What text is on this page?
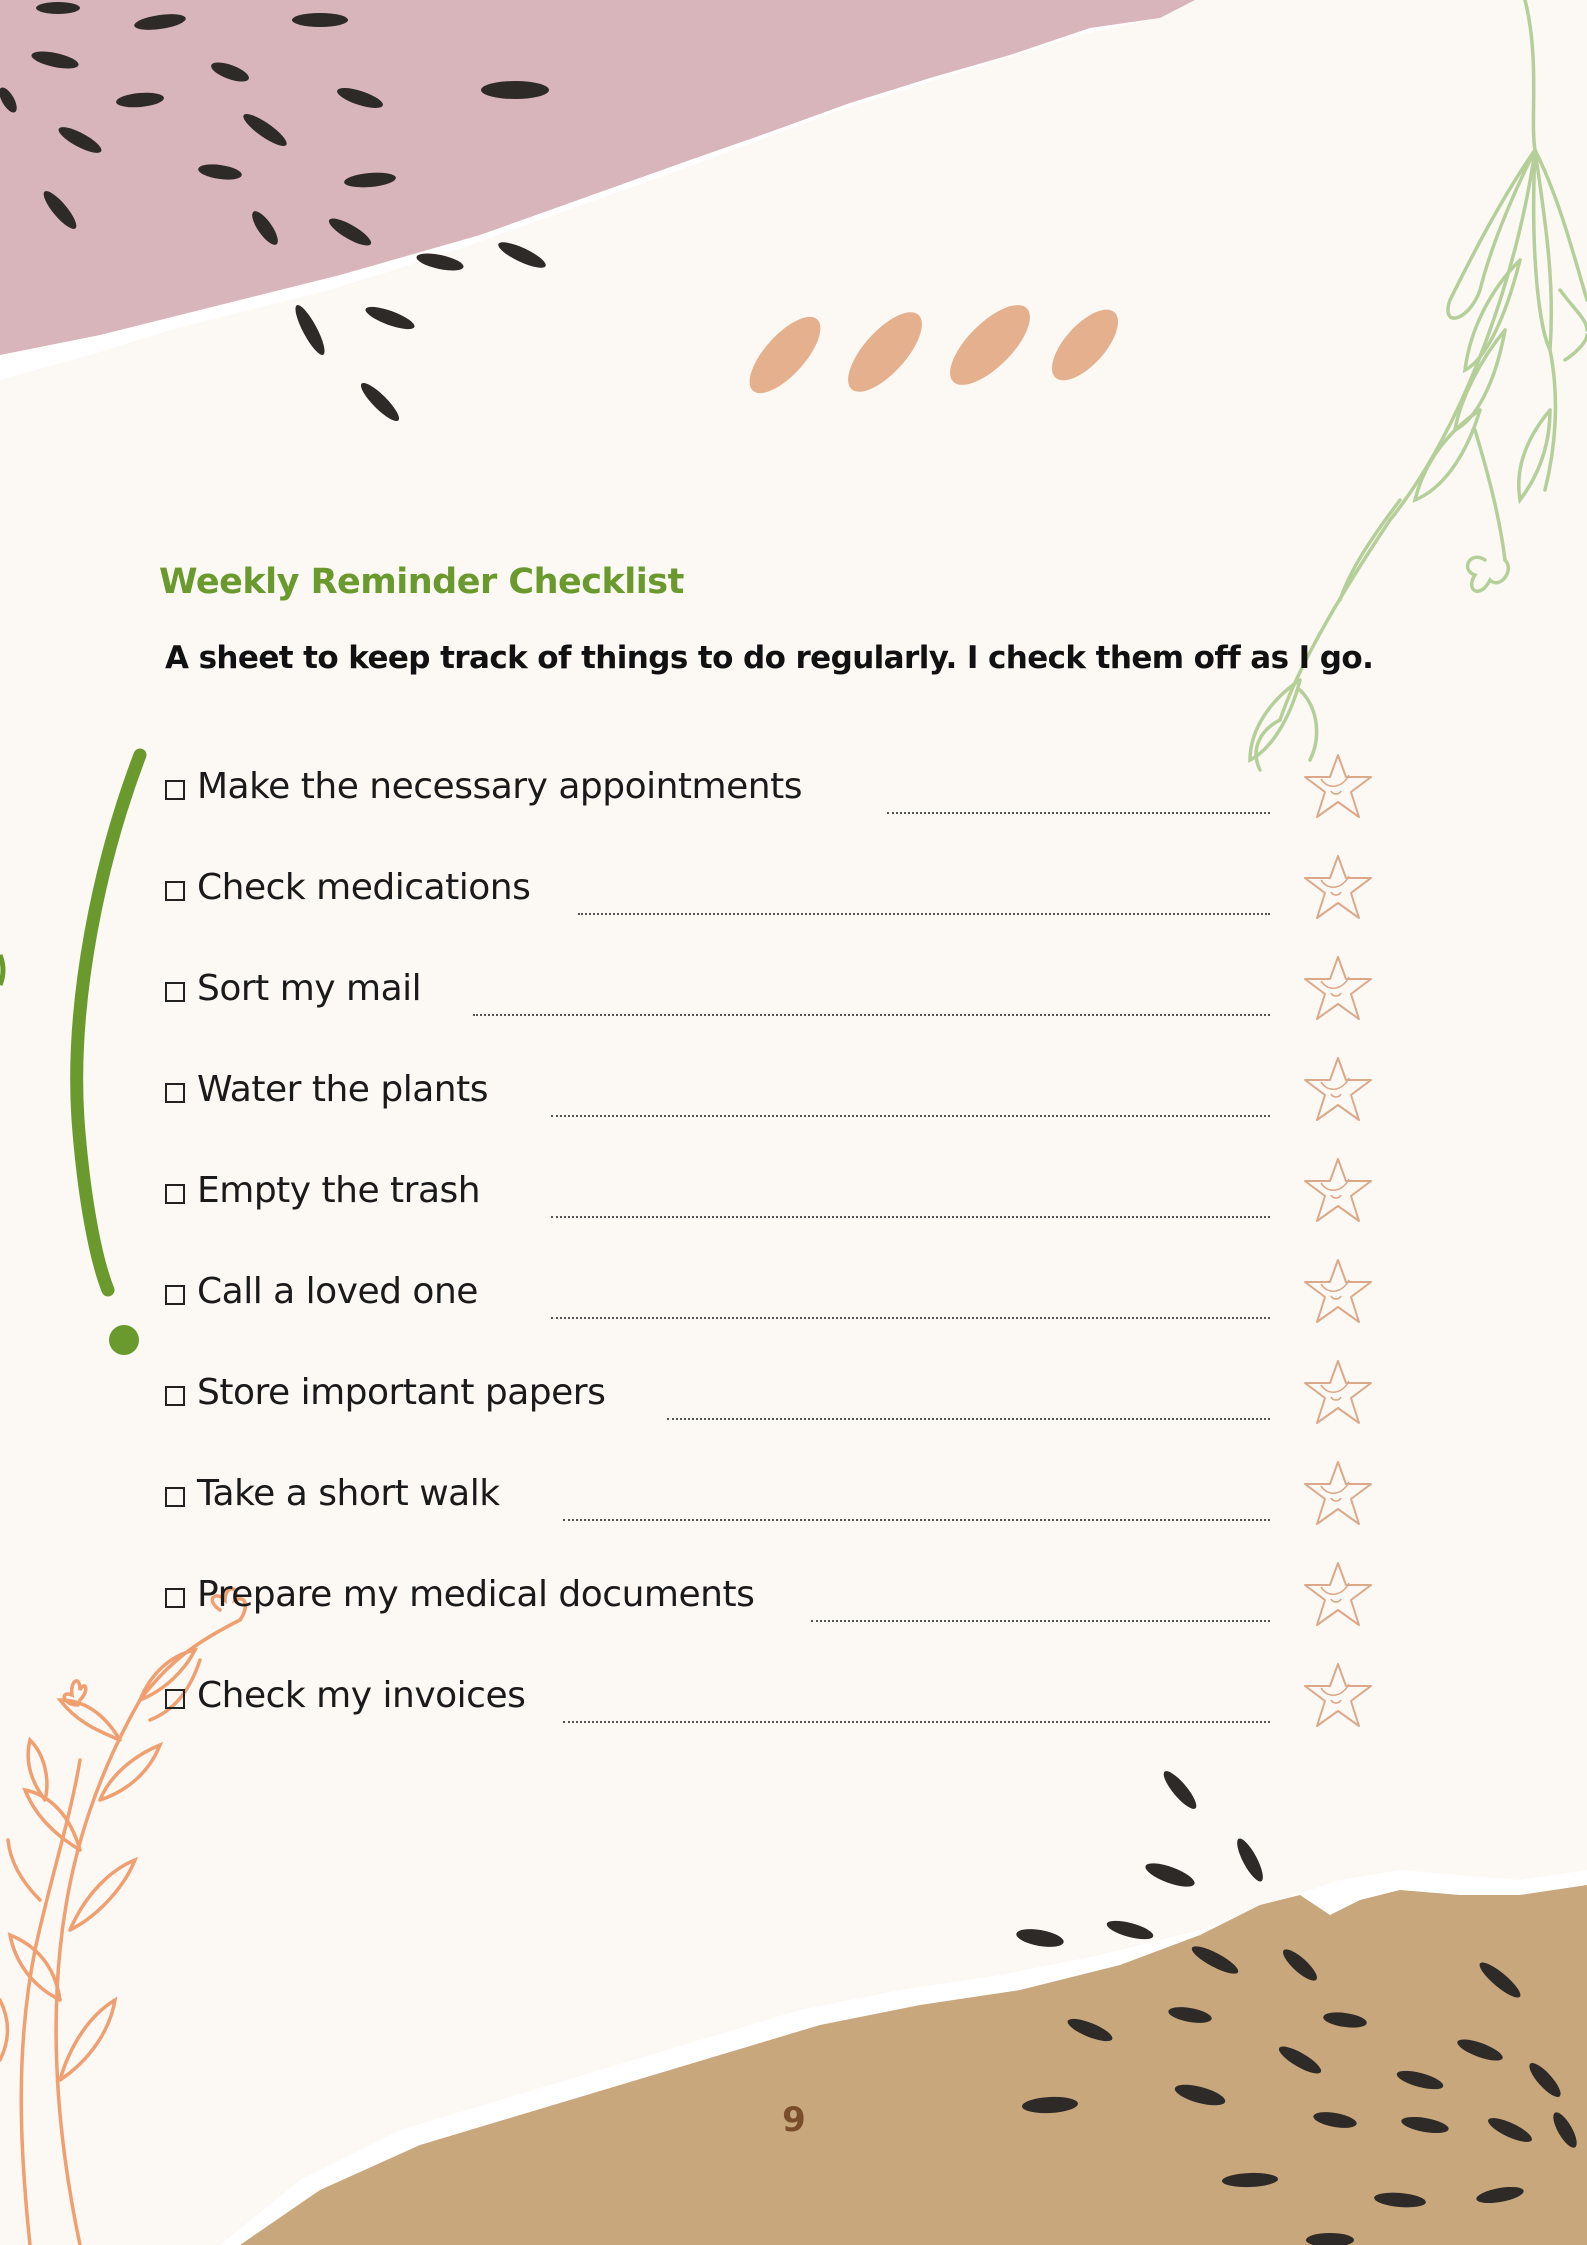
Weekly Reminder Checklist

A sheet to keep track of things to do regularly. I check them off as I go.

Make the necessary appointments
Check medications
Sort my mail
Water the plants
Empty the trash
Call a loved one
Store important papers
Take a short walk
Prepare my medical documents
Check my invoices
9
